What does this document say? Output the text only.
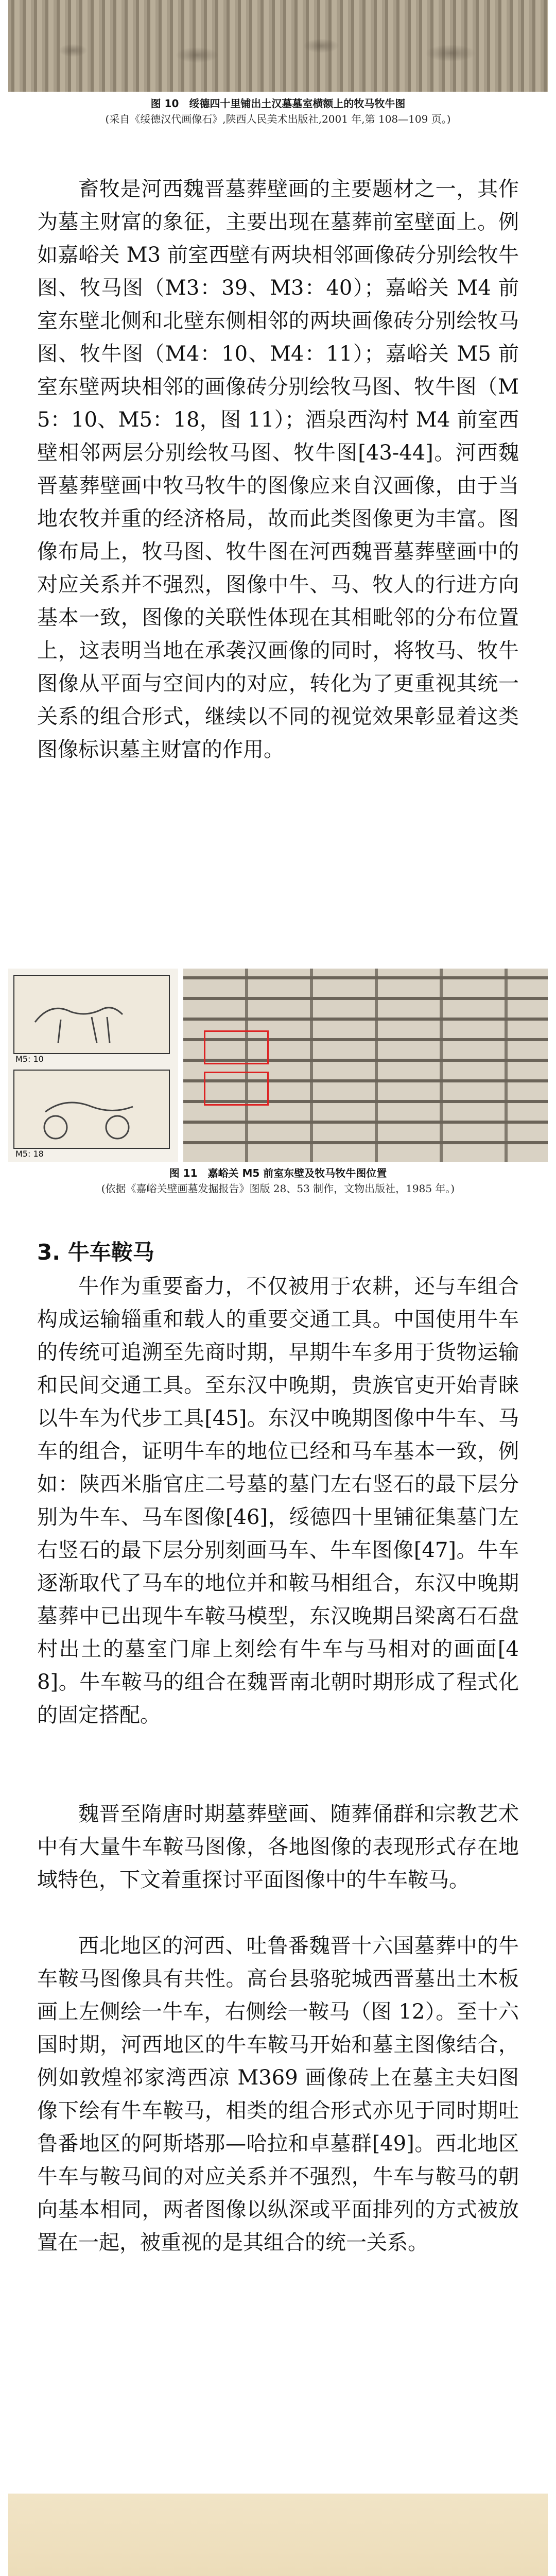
图 10　绥德四十里铺出土汉墓墓室横额上的牧马牧牛图
(采自《绥德汉代画像石》,陕西人民美术出版社,2001 年,第 108—109 页。)

畜牧是河西魏晋墓葬壁画的主要题材之一，其作为墓主财富的象征，主要出现在墓葬前室壁面上。例如嘉峪关 M3 前室西壁有两块相邻画像砖分别绘牧牛图、牧马图（M3：39、M3：40）；嘉峪关 M4 前室东壁北侧和北壁东侧相邻的两块画像砖分别绘牧马图、牧牛图（M4：10、M4：11）；嘉峪关 M5 前室东壁两块相邻的画像砖分别绘牧马图、牧牛图（M5：10、M5：18，图 11）；酒泉西沟村 M4 前室西壁相邻两层分别绘牧马图、牧牛图[43-44]。河西魏晋墓葬壁画中牧马牧牛的图像应来自汉画像，由于当地农牧并重的经济格局，故而此类图像更为丰富。图像布局上，牧马图、牧牛图在河西魏晋墓葬壁画中的对应关系并不强烈，图像中牛、马、牧人的行进方向基本一致，图像的关联性体现在其相毗邻的分布位置上，这表明当地在承袭汉画像的同时，将牧马、牧牛图像从平面与空间内的对应，转化为了更重视其统一关系的组合形式，继续以不同的视觉效果彰显着这类图像标识墓主财富的作用。

M5: 10
M5: 18
图 11　嘉峪关 M5 前室东壁及牧马牧牛图位置
(依据《嘉峪关壁画墓发掘报告》图版 28、53 制作，文物出版社，1985 年。)
3. 牛车鞍马

牛作为重要畜力，不仅被用于农耕，还与车组合构成运输辎重和载人的重要交通工具。中国使用牛车的传统可追溯至先商时期，早期牛车多用于货物运输和民间交通工具。至东汉中晚期，贵族官吏开始青睐以牛车为代步工具[45]。东汉中晚期图像中牛车、马车的组合，证明牛车的地位已经和马车基本一致，例如：陕西米脂官庄二号墓的墓门左右竖石的最下层分别为牛车、马车图像[46]，绥德四十里铺征集墓门左右竖石的最下层分别刻画马车、牛车图像[47]。牛车逐渐取代了马车的地位并和鞍马相组合，东汉中晚期墓葬中已出现牛车鞍马模型，东汉晚期吕梁离石石盘村出土的墓室门扉上刻绘有牛车与马相对的画面[48]。牛车鞍马的组合在魏晋南北朝时期形成了程式化的固定搭配。

魏晋至隋唐时期墓葬壁画、随葬俑群和宗教艺术中有大量牛车鞍马图像，各地图像的表现形式存在地域特色，下文着重探讨平面图像中的牛车鞍马。

西北地区的河西、吐鲁番魏晋十六国墓葬中的牛车鞍马图像具有共性。高台县骆驼城西晋墓出土木板画上左侧绘一牛车，右侧绘一鞍马（图 12）。至十六国时期，河西地区的牛车鞍马开始和墓主图像结合，例如敦煌祁家湾西凉 M369 画像砖上在墓主夫妇图像下绘有牛车鞍马，相类的组合形式亦见于同时期吐鲁番地区的阿斯塔那—哈拉和卓墓群[49]。西北地区牛车与鞍马间的对应关系并不强烈，牛车与鞍马的朝向基本相同，两者图像以纵深或平面排列的方式被放置在一起，被重视的是其组合的统一关系。
